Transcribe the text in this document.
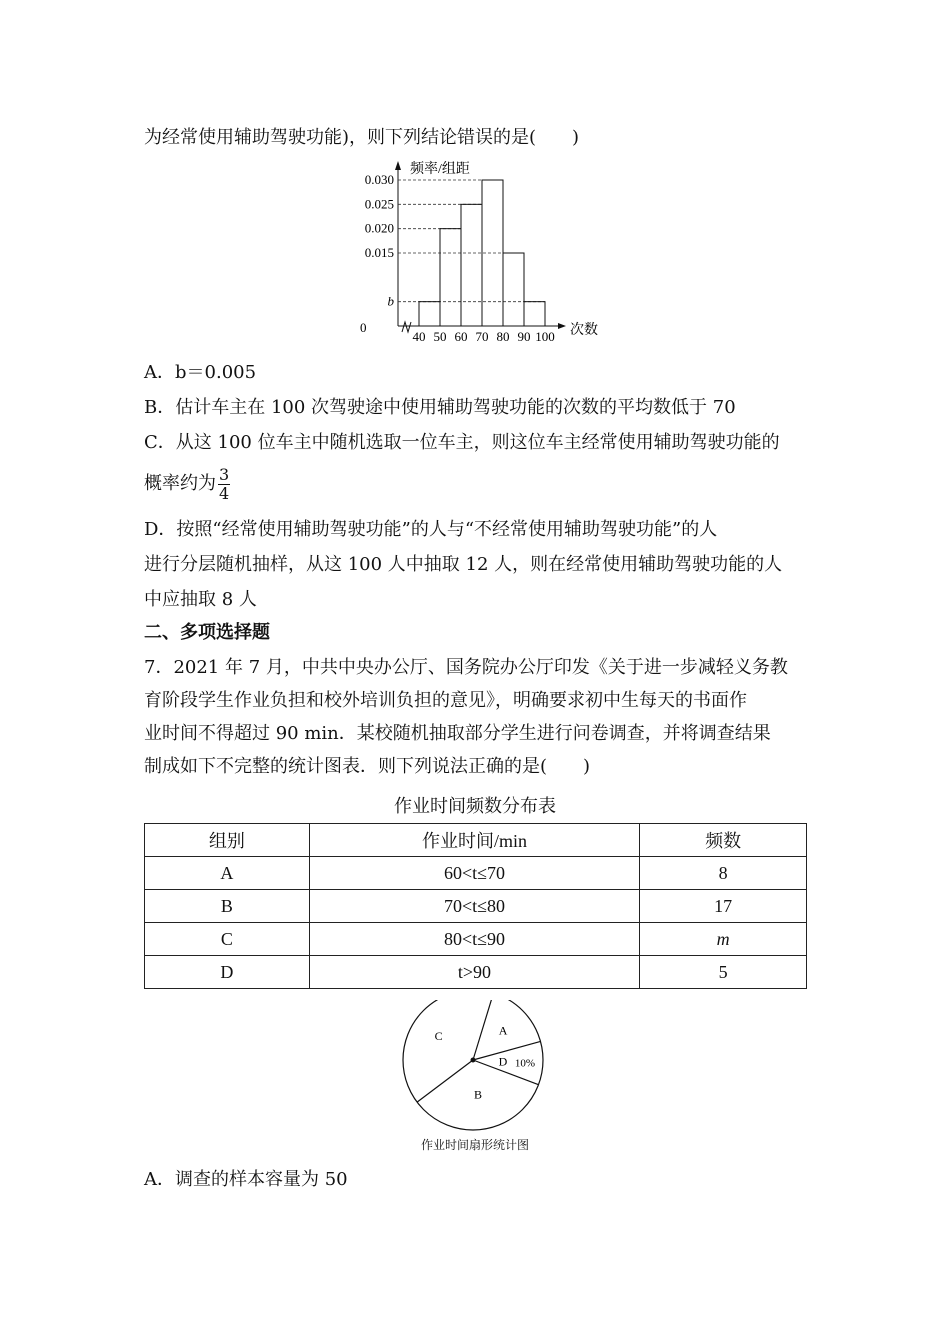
为经常使用辅助驾驶功能)，则下列结论错误的是(　　)
频率/组距
0
0.030
0.025
0.020
0.015
b
40 50 60 70 80 90 100 次数
A．b＝0.005
B．估计车主在 100 次驾驶途中使用辅助驾驶功能的次数的平均数低于 70
C．从这 100 位车主中随机选取一位车主，则这位车主经常使用辅助驾驶功能的
概率约为 $\frac{3}{4}$
D．按照“经常使用辅助驾驶功能”的人与“不经常使用辅助驾驶功能”的人
进行分层随机抽样，从这 100 人中抽取 12 人，则在经常使用辅助驾驶功能的人
中应抽取 8 人
二、多项选择题
7．2021 年 7 月，中共中央办公厅、国务院办公厅印发《关于进一步减轻义务教
育阶段学生作业负担和校外培训负担的意见》，明确要求初中生每天的书面作
业时间不得超过 90 min．某校随机抽取部分学生进行问卷调查，并将调查结果
制成如下不完整的统计图表．则下列说法正确的是(　　)
作业时间频数分布表
组别	作业时间/min	频数
A	60<t≤70	8
B	70<t≤80	17
C	80<t≤90	m
D	t>90	5
A
B
C
D 10%
作业时间扇形统计图
A．调查的样本容量为 50
